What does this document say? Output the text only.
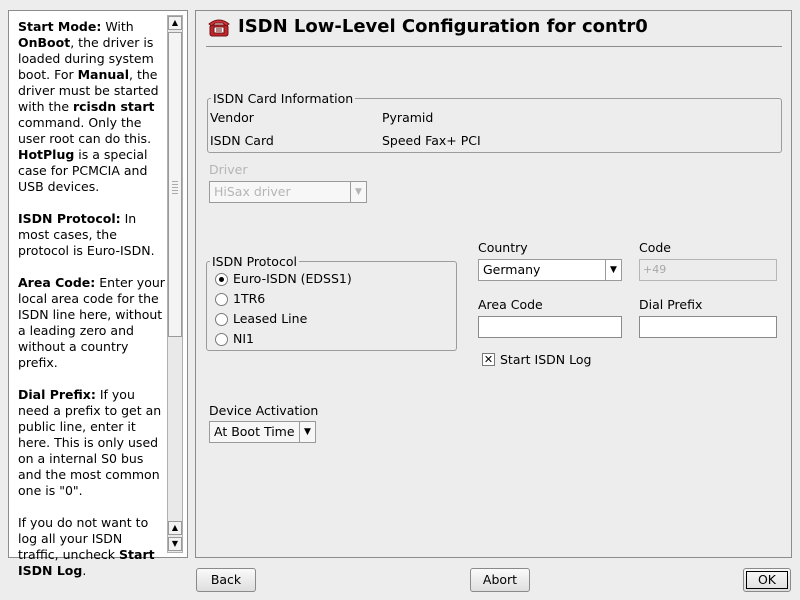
Start Mode: With OnBoot, the driver is loaded during system boot. For Manual, the driver must be started with the rcisdn start command. Only the user root can do this. HotPlug is a special case for PCMCIA and USB devices.

ISDN Protocol: In most cases, the protocol is Euro-ISDN.

Area Code: Enter your local area code for the ISDN line here, without a leading zero and without a country prefix.

Dial Prefix: If you need a prefix to get an public line, enter it here. This is only used on a internal S0 bus and the most common one is "0".

If you do not want to log all your ISDN traffic, uncheck Start ISDN Log.

▲
▲
▼
ISDN Low-Level Configuration for contr0
ISDN Card Information
Vendor	Pyramid
ISDN Card	Speed Fax+ PCI
Driver
HiSax driver	▼
ISDN Protocol
Country
Germany	▼
Code
+49
Area Code	Dial Prefix
✕ Start ISDN Log
Device Activation
At Boot Time	▼
Euro-ISDN (EDSS1)
1TR6
Leased Line
NI1
Back	Abort	OK
